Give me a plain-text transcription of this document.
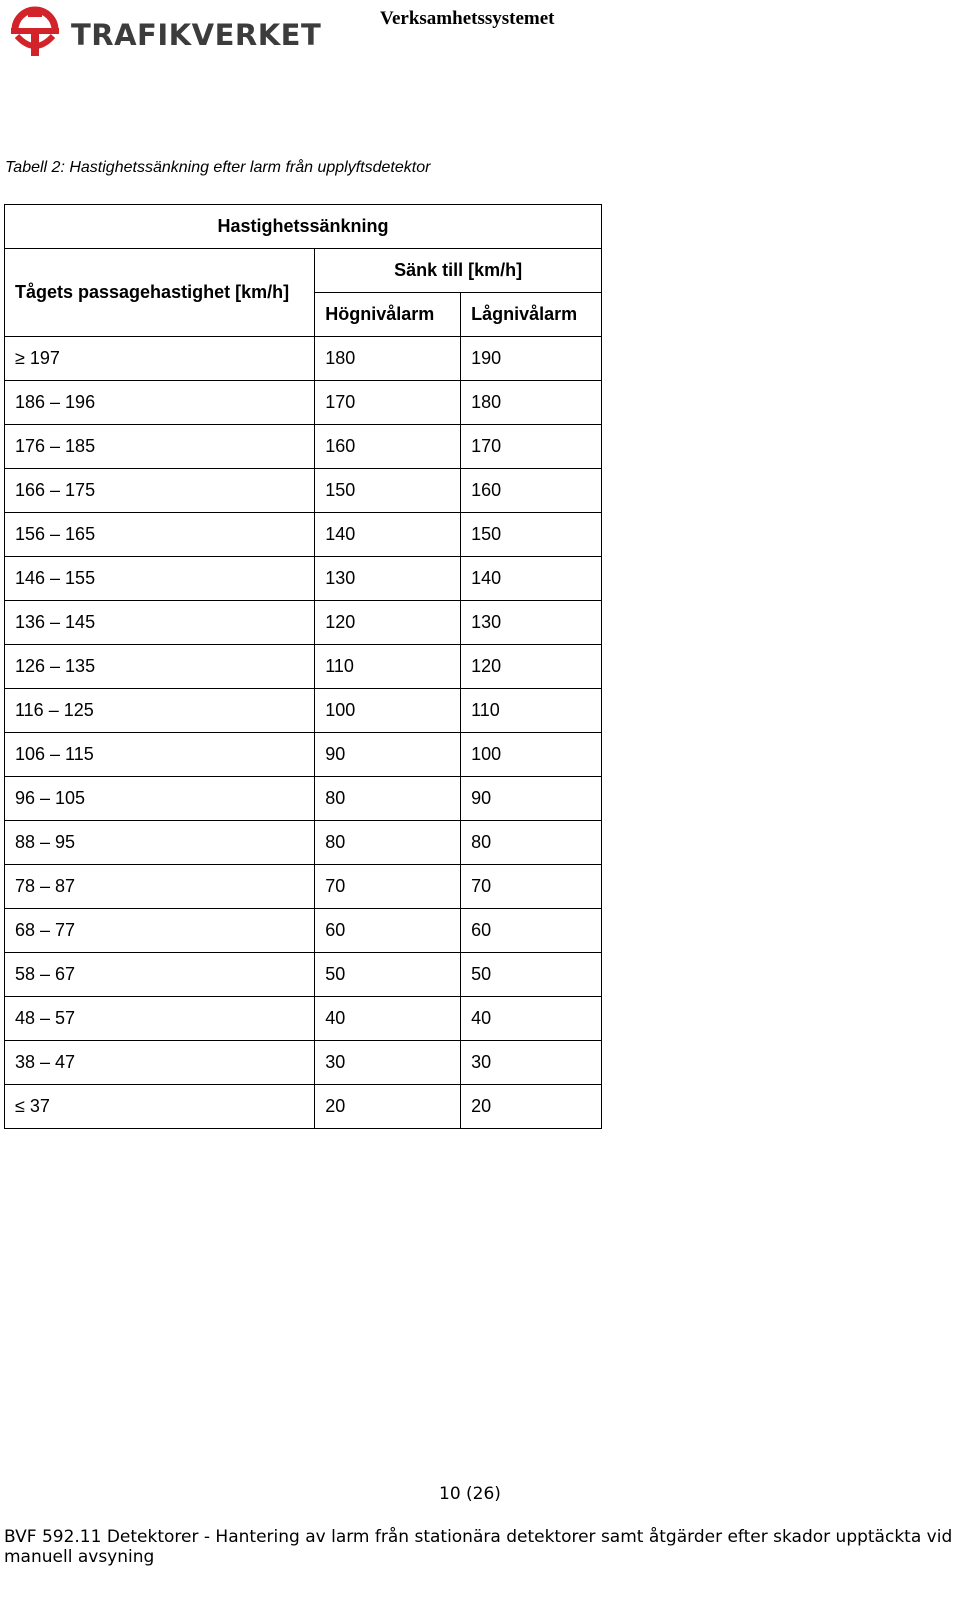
TRAFIKVERKET	Verksamhetssystemet
Tabell 2: Hastighetssänkning efter larm från upplyftsdetektor
Hastighetssänkning		
Tågets passagehastighet [km/h]	Sänk till [km/h]	
	Högnivålarm	Lågnivålarm
≥ 197	180	190
186 – 196	170	180
176 – 185	160	170
166 – 175	150	160
156 – 165	140	150
146 – 155	130	140
136 – 145	120	130
126 – 135	110	120
116 – 125	100	110
106 – 115	90	100
96 – 105	80	90
88 – 95	80	80
78 – 87	70	70
68 – 77	60	60
58 – 67	50	50
48 – 57	40	40
38 – 47	30	30
≤ 37	20	20
10 (26)
BVF 592.11 Detektorer - Hantering av larm från stationära detektorer samt åtgärder efter skador upptäckta vid manuell avsyning
